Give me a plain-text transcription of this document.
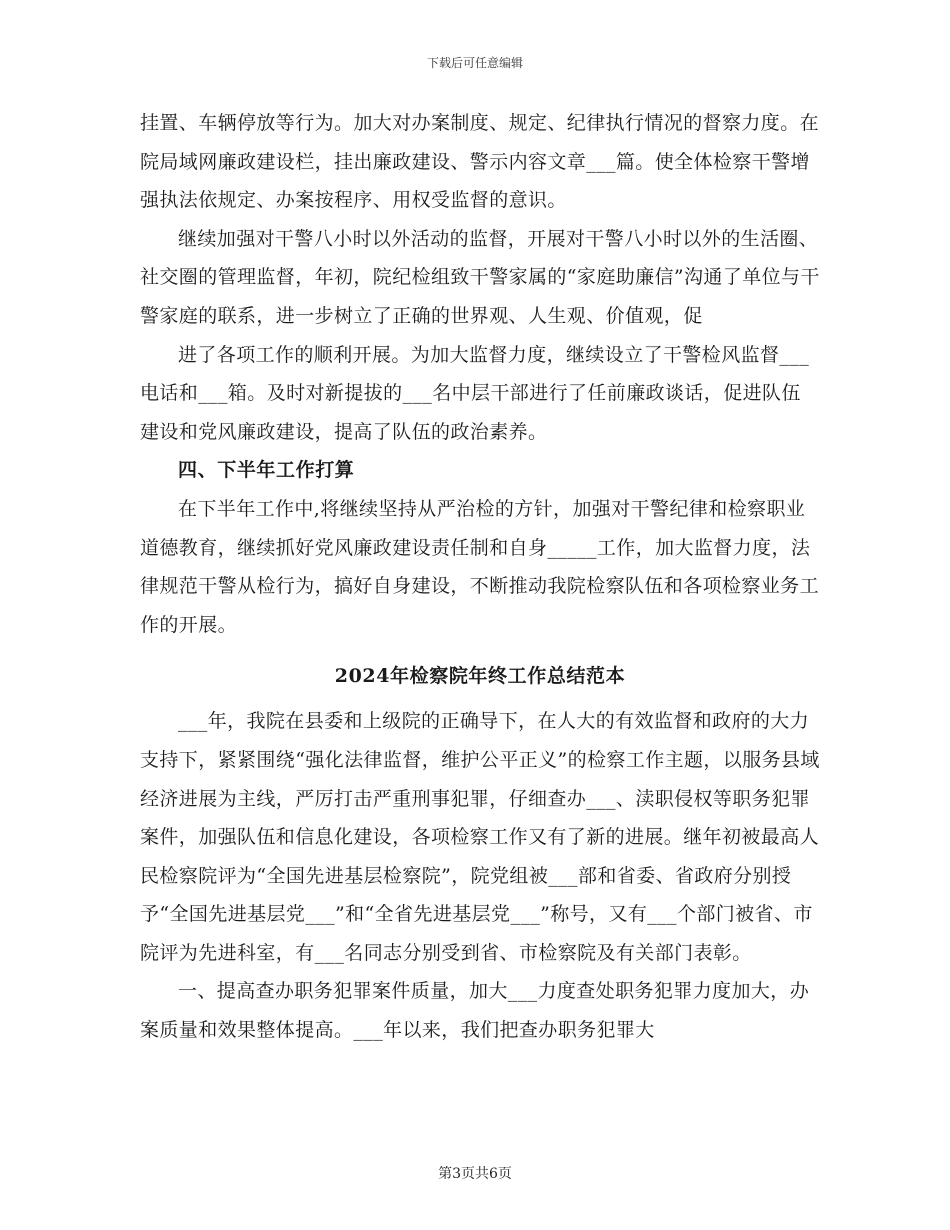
下载后可任意编辑

挂置、车辆停放等行为。加大对办案制度、规定、纪律执行情况的督察力度。在院局域网廉政建设栏，挂出廉政建设、警示内容文章___篇。使全体检察干警增强执法依规定、办案按程序、用权受监督的意识。

继续加强对干警八小时以外活动的监督，开展对干警八小时以外的生活圈、社交圈的管理监督，年初，院纪检组致干警家属的“家庭助廉信”沟通了单位与干警家庭的联系，进一步树立了正确的世界观、人生观、价值观，促

进了各项工作的顺利开展。为加大监督力度，继续设立了干警检风监督___电话和___箱。及时对新提拔的___名中层干部进行了任前廉政谈话，促进队伍建设和党风廉政建设，提高了队伍的政治素养。

四、下半年工作打算

在下半年工作中,将继续坚持从严治检的方针，加强对干警纪律和检察职业道德教育，继续抓好党风廉政建设责任制和自身_____工作，加大监督力度，法律规范干警从检行为，搞好自身建设，不断推动我院检察队伍和各项检察业务工作的开展。

2024年检察院年终工作总结范本

___年，我院在县委和上级院的正确导下，在人大的有效监督和政府的大力支持下，紧紧围绕“强化法律监督，维护公平正义”的检察工作主题，以服务县域经济进展为主线，严厉打击严重刑事犯罪，仔细查办___、渎职侵权等职务犯罪案件，加强队伍和信息化建设，各项检察工作又有了新的进展。继年初被最高人民检察院评为“全国先进基层检察院”，院党组被___部和省委、省政府分别授予“全国先进基层党___”和“全省先进基层党___”称号，又有___个部门被省、市院评为先进科室，有___名同志分别受到省、市检察院及有关部门表彰。

一、提高查办职务犯罪案件质量，加大___力度查处职务犯罪力度加大，办案质量和效果整体提高。___年以来，我们把查办职务犯罪大

第3页共6页
